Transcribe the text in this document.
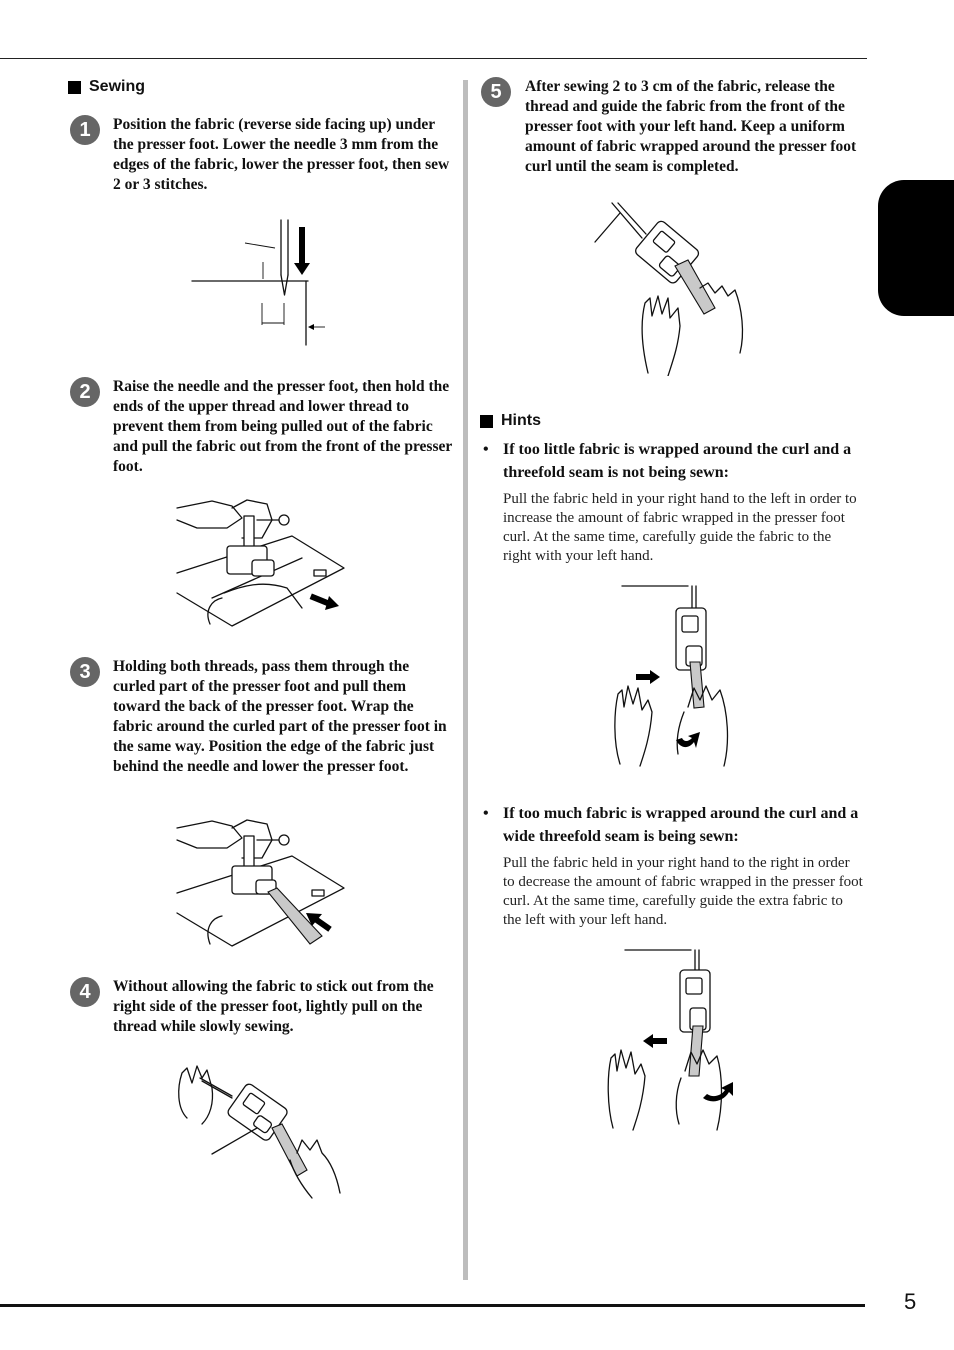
Sewing
1 Position the fabric (reverse side facing up) under the presser foot. Lower the needle 3 mm from the edges of the fabric, lower the presser foot, then sew 2 or 3 stitches.
2 Raise the needle and the presser foot, then hold the ends of the upper thread and lower thread to prevent them from being pulled out of the fabric and pull the fabric out from the front of the presser foot.
3 Holding both threads, pass them through the curled part of the presser foot and pull them toward the back of the presser foot. Wrap the fabric around the curled part of the presser foot in the same way. Position the edge of the fabric just behind the needle and lower the presser foot.
4 Without allowing the fabric to stick out from the right side of the presser foot, lightly pull on the thread while slowly sewing.
5 After sewing 2 to 3 cm of the fabric, release the thread and guide the fabric from the front of the presser foot with your left hand. Keep a uniform amount of fabric wrapped around the presser foot curl until the seam is completed.
Hints
• If too little fabric is wrapped around the curl and a threefold seam is not being sewn:
Pull the fabric held in your right hand to the left in order to increase the amount of fabric wrapped in the presser foot curl. At the same time, carefully guide the fabric to the right with your left hand.
• If too much fabric is wrapped around the curl and a wide threefold seam is being sewn:
Pull the fabric held in your right hand to the right in order to decrease the amount of fabric wrapped in the presser foot curl. At the same time, carefully guide the extra fabric to the left with your left hand.
5
